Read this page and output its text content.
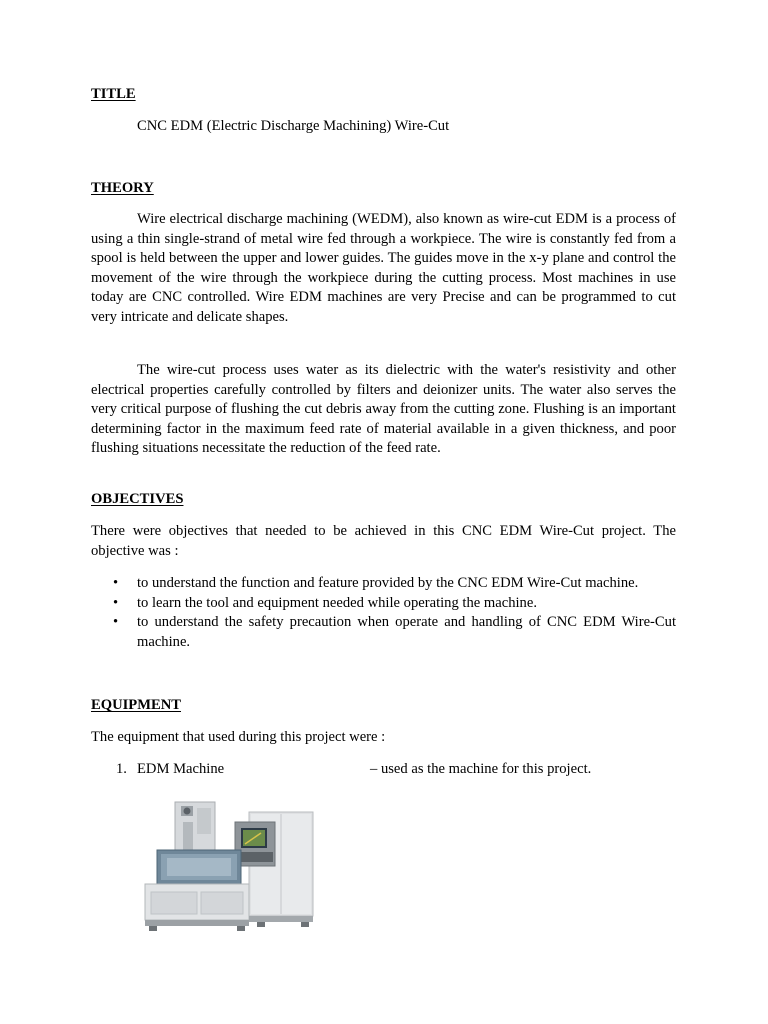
TITLE
CNC EDM (Electric Discharge Machining) Wire-Cut
THEORY

Wire electrical discharge machining (WEDM), also known as wire-cut EDM is a process of using a thin single-strand of metal wire fed through a workpiece. The wire is constantly fed from a spool is held between the upper and lower guides. The guides move in the x-y plane and control the movement of the wire through the workpiece during the cutting process. Most machines in use today are CNC controlled. Wire EDM machines are very Precise and can be programmed to cut very intricate and delicate shapes.

The wire-cut process uses water as its dielectric with the water's resistivity and other electrical properties carefully controlled by filters and deionizer units. The water also serves the very critical purpose of flushing the cut debris away from the cutting zone. Flushing is an important determining factor in the maximum feed rate of material available in a given thickness, and poor flushing situations necessitate the reduction of the feed rate.

OBJECTIVES

There were objectives that needed to be achieved in this CNC EDM Wire-Cut project. The objective was :

• to understand the function and feature provided by the CNC EDM Wire-Cut machine.
• to learn the tool and equipment needed while operating the machine.
• to understand the safety precaution when operate and handling of CNC EDM Wire-Cut machine.
EQUIPMENT

The equipment that used during this project were :

1. EDM Machine	– used as the machine for this project.
